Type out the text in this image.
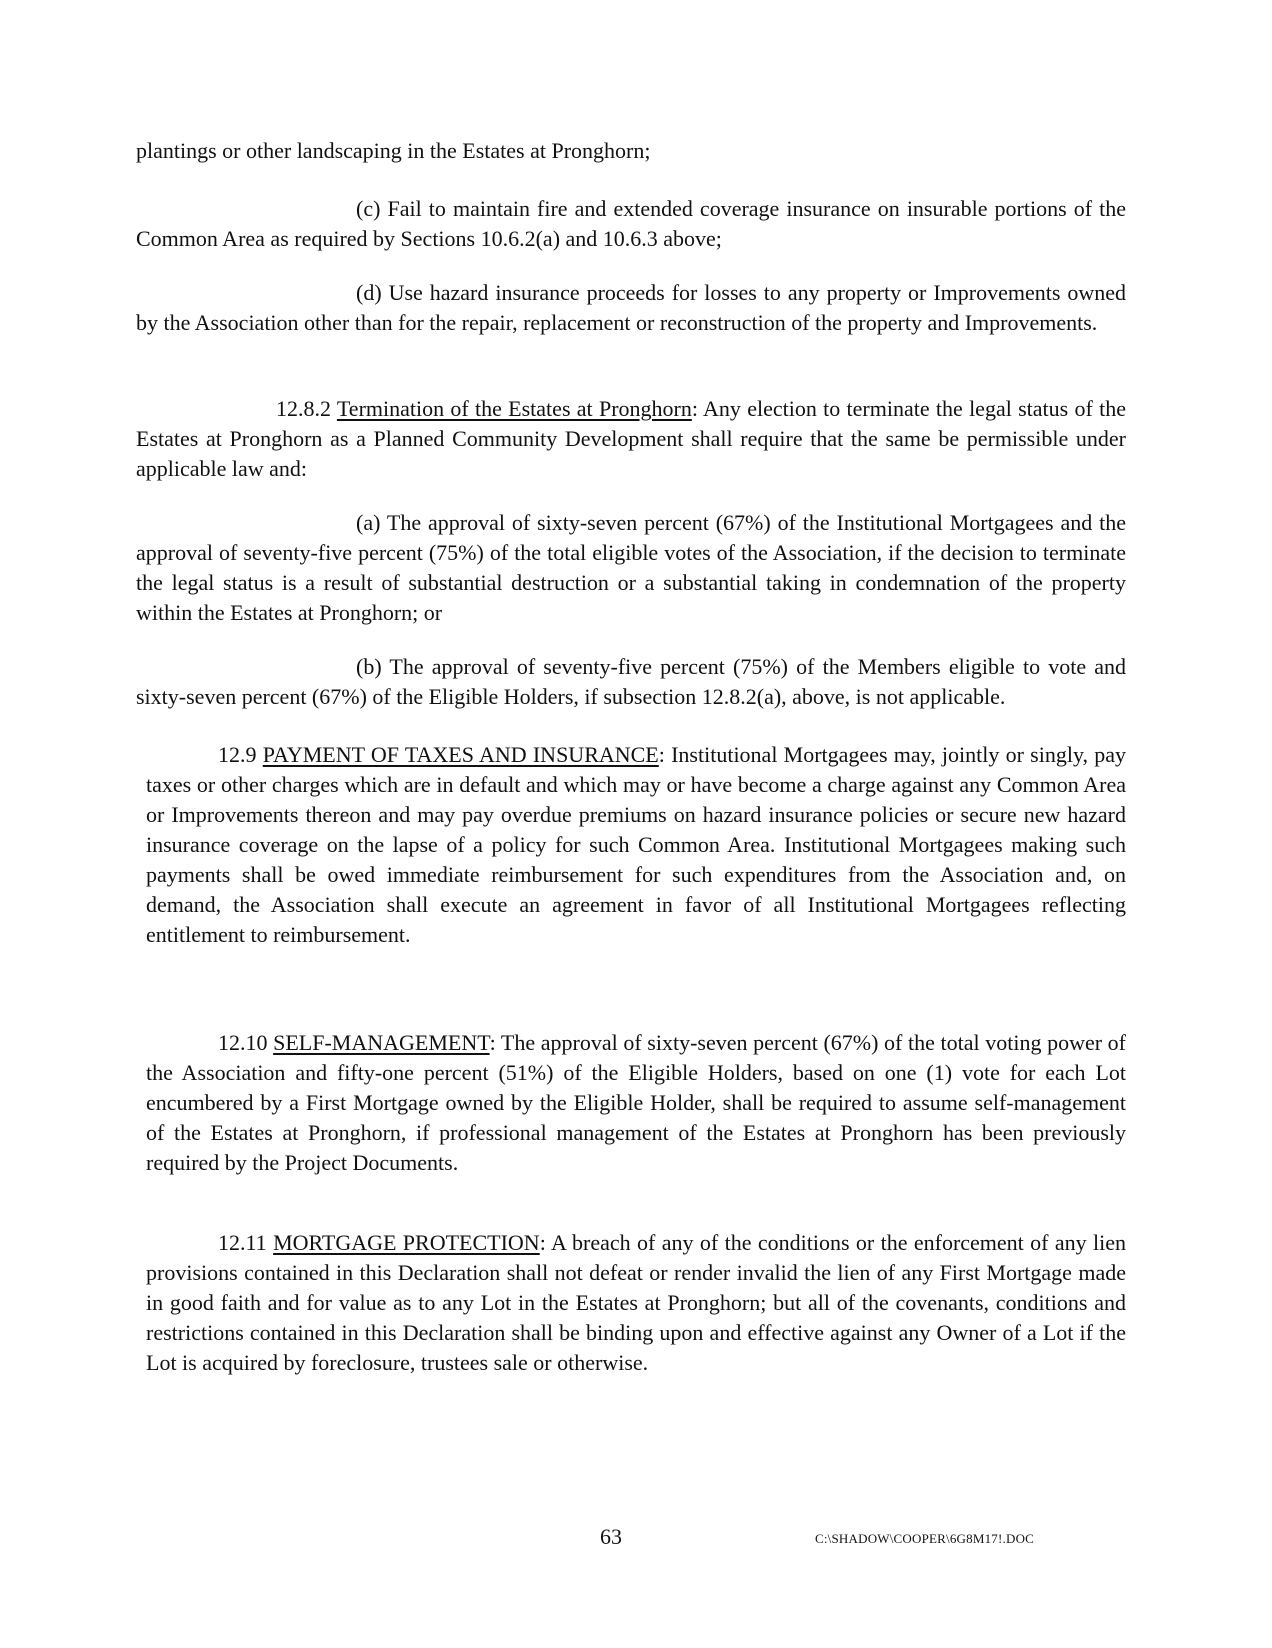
plantings or other landscaping in the Estates at Pronghorn;

(c) Fail to maintain fire and extended coverage insurance on insurable portions of the Common Area as required by Sections 10.6.2(a) and 10.6.3 above;

(d) Use hazard insurance proceeds for losses to any property or Improvements owned by the Association other than for the repair, replacement or reconstruction of the property and Improvements.

12.8.2 Termination of the Estates at Pronghorn: Any election to terminate the legal status of the Estates at Pronghorn as a Planned Community Development shall require that the same be permissible under applicable law and:

(a) The approval of sixty-seven percent (67%) of the Institutional Mortgagees and the approval of seventy-five percent (75%) of the total eligible votes of the Association, if the decision to terminate the legal status is a result of substantial destruction or a substantial taking in condemnation of the property within the Estates at Pronghorn; or

(b) The approval of seventy-five percent (75%) of the Members eligible to vote and sixty-seven percent (67%) of the Eligible Holders, if subsection 12.8.2(a), above, is not applicable.

12.9 PAYMENT OF TAXES AND INSURANCE: Institutional Mortgagees may, jointly or singly, pay taxes or other charges which are in default and which may or have become a charge against any Common Area or Improvements thereon and may pay overdue premiums on hazard insurance policies or secure new hazard insurance coverage on the lapse of a policy for such Common Area. Institutional Mortgagees making such payments shall be owed immediate reimbursement for such expenditures from the Association and, on demand, the Association shall execute an agreement in favor of all Institutional Mortgagees reflecting entitlement to reimbursement.

12.10 SELF-MANAGEMENT: The approval of sixty-seven percent (67%) of the total voting power of the Association and fifty-one percent (51%) of the Eligible Holders, based on one (1) vote for each Lot encumbered by a First Mortgage owned by the Eligible Holder, shall be required to assume self-management of the Estates at Pronghorn, if professional management of the Estates at Pronghorn has been previously required by the Project Documents.

12.11 MORTGAGE PROTECTION: A breach of any of the conditions or the enforcement of any lien provisions contained in this Declaration shall not defeat or render invalid the lien of any First Mortgage made in good faith and for value as to any Lot in the Estates at Pronghorn; but all of the covenants, conditions and restrictions contained in this Declaration shall be binding upon and effective against any Owner of a Lot if the Lot is acquired by foreclosure, trustees sale or otherwise.

63	C:\SHADOW\COOPER\6G8M17!.DOC
